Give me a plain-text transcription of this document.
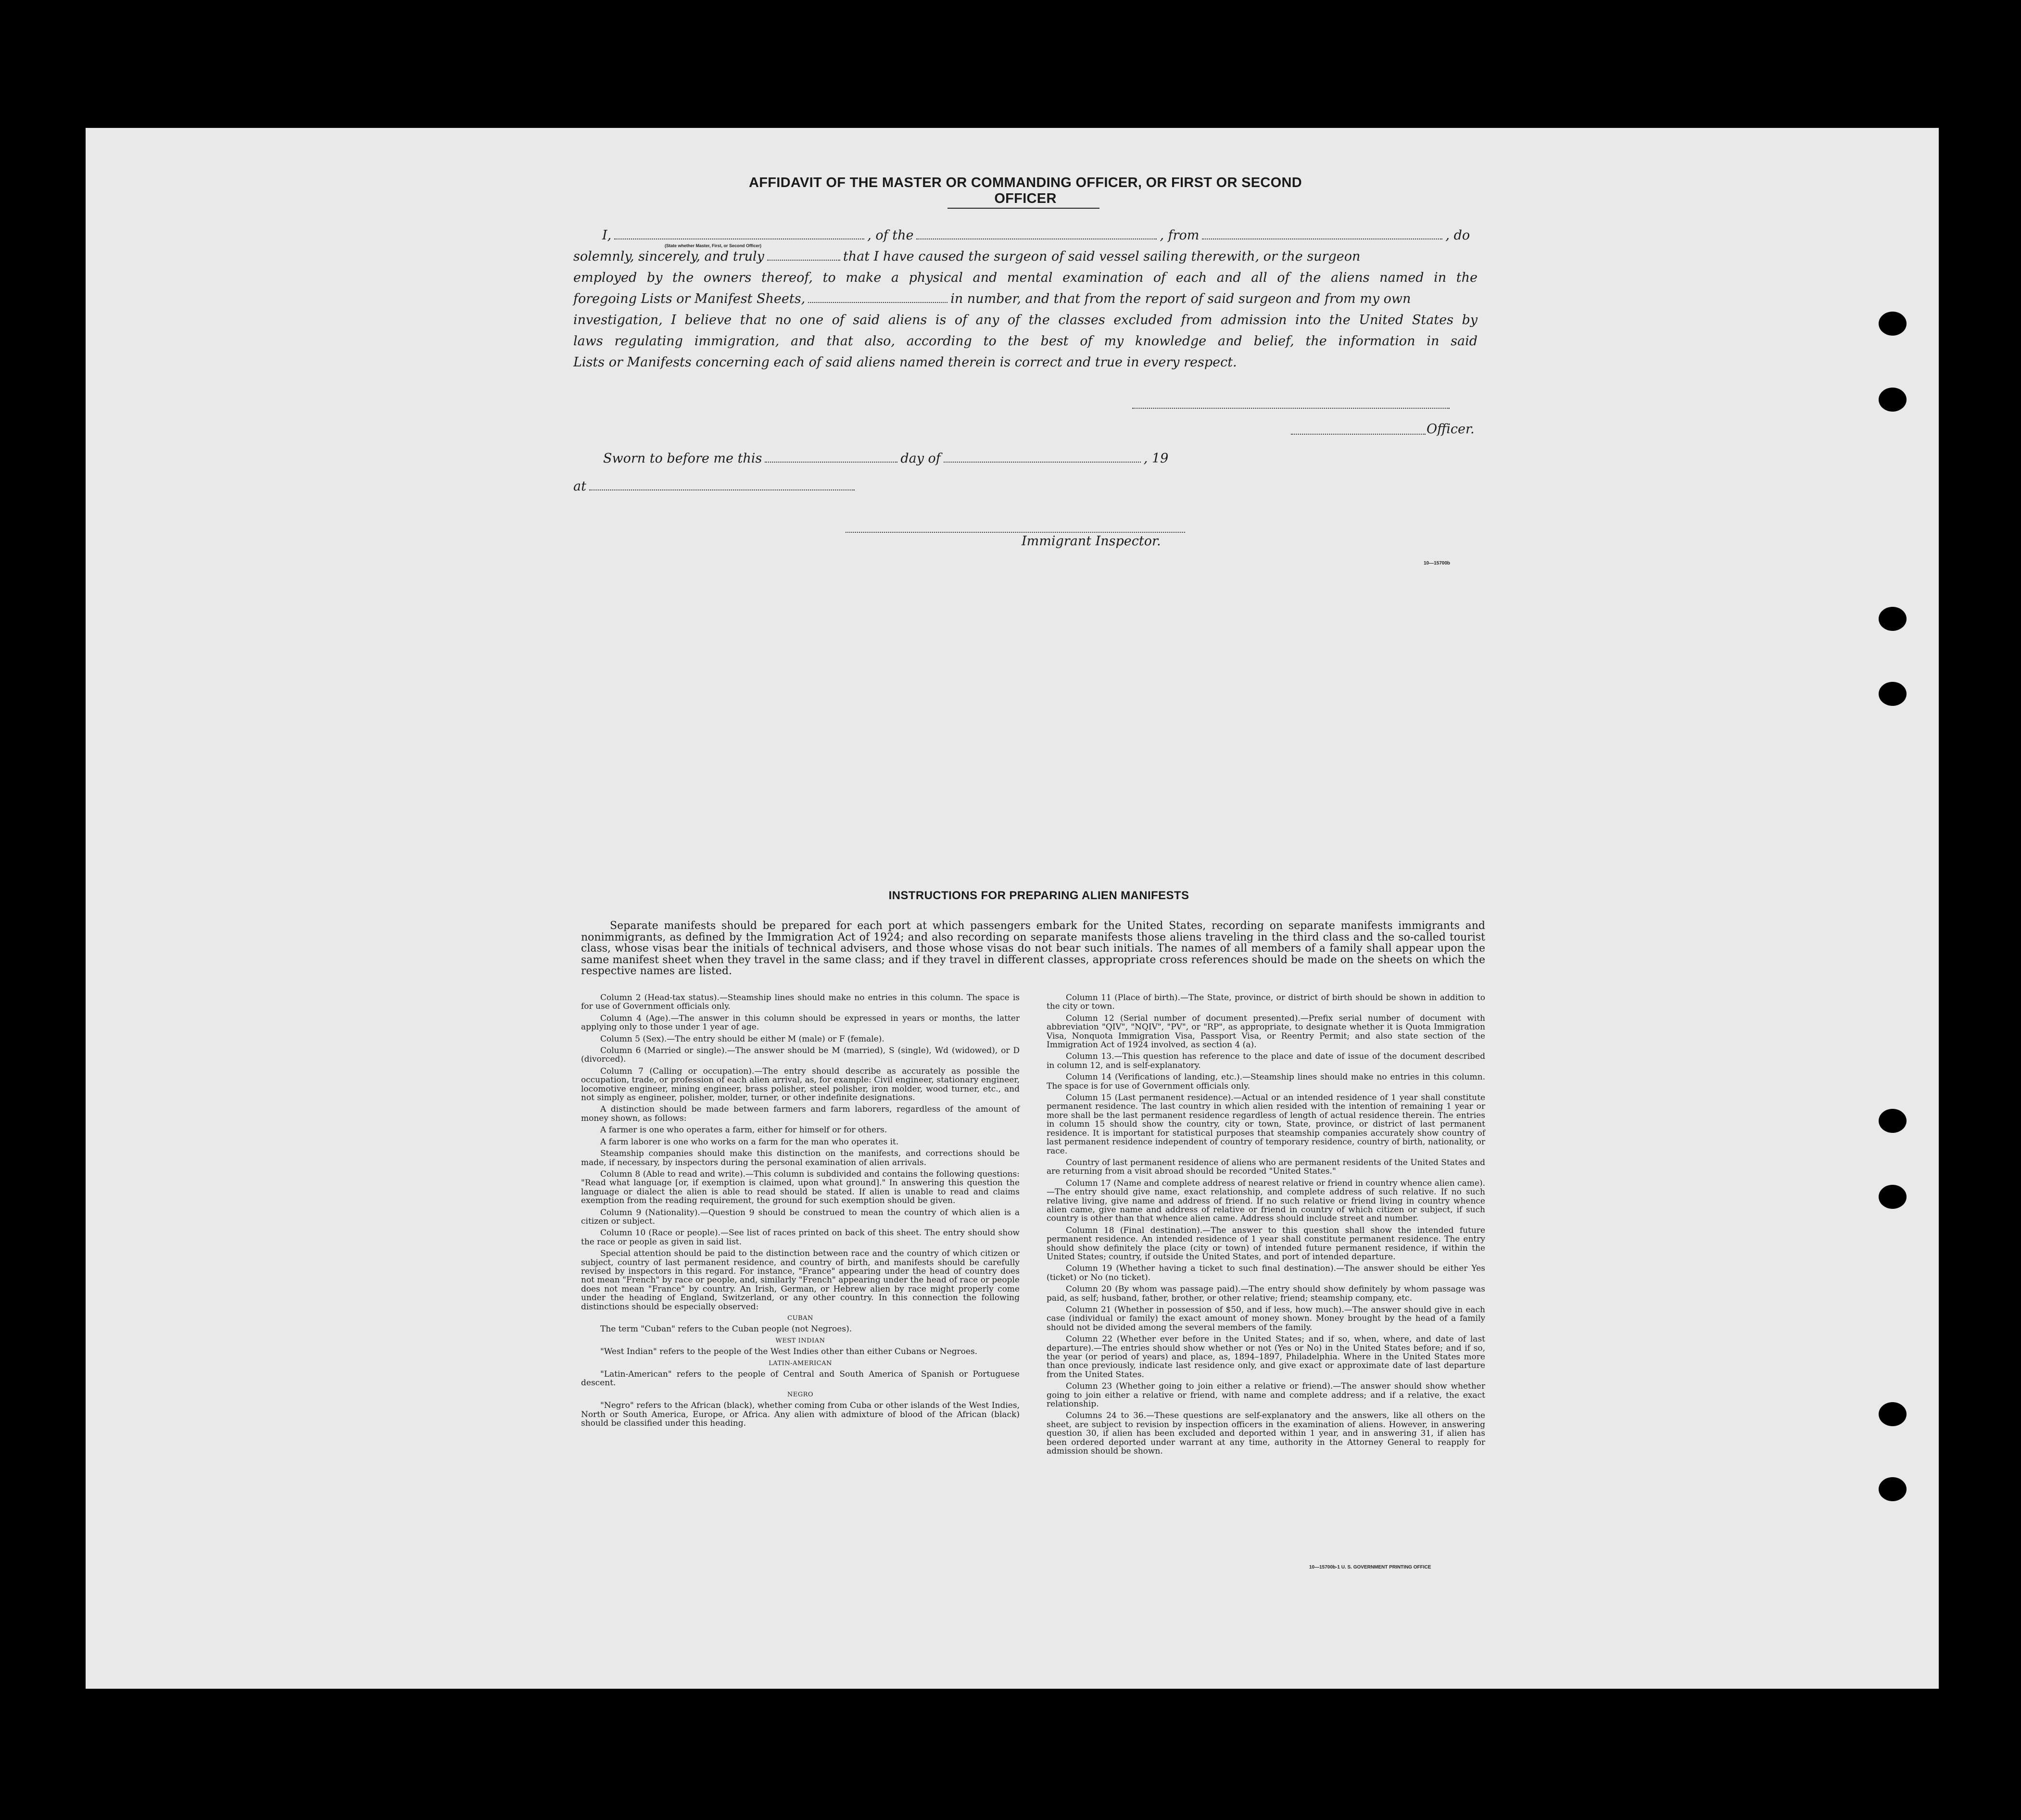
AFFIDAVIT OF THE MASTER OR COMMANDING OFFICER, OR FIRST OR SECOND OFFICER
I,	, of the	, from	, do
(State whether Master, First, or Second Officer)
solemnly, sincerely, and truly	that I have caused the surgeon of said vessel sailing therewith, or the surgeon
employed by the owners thereof, to make a physical and mental examination of each and all of the aliens named in the
foregoing Lists or Manifest Sheets,	in number, and that from the report of said surgeon and from my own
investigation, I believe that no one of said aliens is of any of the classes excluded from admission into the United States by
laws regulating immigration, and that also, according to the best of my knowledge and belief, the information in said
Lists or Manifests concerning each of said aliens named therein is correct and true in every respect.
Officer.
Sworn to before me this	day of	, 19
at
Immigrant Inspector.
10—15700b
INSTRUCTIONS FOR PREPARING ALIEN MANIFESTS
Separate manifests should be prepared for each port at which passengers embark for the United States, recording on separate manifests immigrants and nonimmigrants, as defined by the Immigration Act of 1924; and also recording on separate manifests those aliens traveling in the third class and the so-called tourist class, whose visas bear the initials of technical advisers, and those whose visas do not bear such initials. The names of all members of a family shall appear upon the same manifest sheet when they travel in the same class; and if they travel in different classes, appropriate cross references should be made on the sheets on which the respective names are listed.

Column 2 (Head-tax status).—Steamship lines should make no entries in this column. The space is for use of Government officials only.

Column 4 (Age).—The answer in this column should be expressed in years or months, the latter applying only to those under 1 year of age.

Column 5 (Sex).—The entry should be either M (male) or F (female).

Column 6 (Married or single).—The answer should be M (married), S (single), Wd (widowed), or D (divorced).

Column 7 (Calling or occupation).—The entry should describe as accurately as possible the occupation, trade, or profession of each alien arrival, as, for example: Civil engineer, stationary engineer, locomotive engineer, mining engineer, brass polisher, steel polisher, iron molder, wood turner, etc., and not simply as engineer, polisher, molder, turner, or other indefinite designations.

A distinction should be made between farmers and farm laborers, regardless of the amount of money shown, as follows:

A farmer is one who operates a farm, either for himself or for others.

A farm laborer is one who works on a farm for the man who operates it.

Steamship companies should make this distinction on the manifests, and corrections should be made, if necessary, by inspectors during the personal examination of alien arrivals.

Column 8 (Able to read and write).—This column is subdivided and contains the following questions: "Read what language [or, if exemption is claimed, upon what ground]." In answering this question the language or dialect the alien is able to read should be stated. If alien is unable to read and claims exemption from the reading requirement, the ground for such exemption should be given.

Column 9 (Nationality).—Question 9 should be construed to mean the country of which alien is a citizen or subject.

Column 10 (Race or people).—See list of races printed on back of this sheet. The entry should show the race or people as given in said list.

Special attention should be paid to the distinction between race and the country of which citizen or subject, country of last permanent residence, and country of birth, and manifests should be carefully revised by inspectors in this regard. For instance, "France" appearing under the head of country does not mean "French" by race or people, and, similarly "French" appearing under the head of race or people does not mean "France" by country. An Irish, German, or Hebrew alien by race might properly come under the heading of England, Switzerland, or any other country. In this connection the following distinctions should be especially observed:

CUBAN

The term "Cuban" refers to the Cuban people (not Negroes).

WEST INDIAN

"West Indian" refers to the people of the West Indies other than either Cubans or Negroes.

LATIN-AMERICAN

"Latin-American" refers to the people of Central and South America of Spanish or Portuguese descent.

NEGRO

"Negro" refers to the African (black), whether coming from Cuba or other islands of the West Indies, North or South America, Europe, or Africa. Any alien with admixture of blood of the African (black) should be classified under this heading.

Column 11 (Place of birth).—The State, province, or district of birth should be shown in addition to the city or town.

Column 12 (Serial number of document presented).—Prefix serial number of document with abbreviation "QIV", "NQIV", "PV", or "RP", as appropriate, to designate whether it is Quota Immigration Visa, Nonquota Immigration Visa, Passport Visa, or Reentry Permit; and also state section of the Immigration Act of 1924 involved, as section 4 (a).

Column 13.—This question has reference to the place and date of issue of the document described in column 12, and is self-explanatory.

Column 14 (Verifications of landing, etc.).—Steamship lines should make no entries in this column. The space is for use of Government officials only.

Column 15 (Last permanent residence).—Actual or an intended residence of 1 year shall constitute permanent residence. The last country in which alien resided with the intention of remaining 1 year or more shall be the last permanent residence regardless of length of actual residence therein. The entries in column 15 should show the country, city or town, State, province, or district of last permanent residence. It is important for statistical purposes that steamship companies accurately show country of last permanent residence independent of country of temporary residence, country of birth, nationality, or race.

Country of last permanent residence of aliens who are permanent residents of the United States and are returning from a visit abroad should be recorded "United States."

Column 17 (Name and complete address of nearest relative or friend in country whence alien came).—The entry should give name, exact relationship, and complete address of such relative. If no such relative living, give name and address of friend. If no such relative or friend living in country whence alien came, give name and address of relative or friend in country of which citizen or subject, if such country is other than that whence alien came. Address should include street and number.

Column 18 (Final destination).—The answer to this question shall show the intended future permanent residence. An intended residence of 1 year shall constitute permanent residence. The entry should show definitely the place (city or town) of intended future permanent residence, if within the United States; country, if outside the United States, and port of intended departure.

Column 19 (Whether having a ticket to such final destination).—The answer should be either Yes (ticket) or No (no ticket).

Column 20 (By whom was passage paid).—The entry should show definitely by whom passage was paid, as self; husband, father, brother, or other relative; friend; steamship company, etc.

Column 21 (Whether in possession of $50, and if less, how much).—The answer should give in each case (individual or family) the exact amount of money shown. Money brought by the head of a family should not be divided among the several members of the family.

Column 22 (Whether ever before in the United States; and if so, when, where, and date of last departure).—The entries should show whether or not (Yes or No) in the United States before; and if so, the year (or period of years) and place, as, 1894–1897, Philadelphia. Where in the United States more than once previously, indicate last residence only, and give exact or approximate date of last departure from the United States.

Column 23 (Whether going to join either a relative or friend).—The answer should show whether going to join either a relative or friend, with name and complete address; and if a relative, the exact relationship.

Columns 24 to 36.—These questions are self-explanatory and the answers, like all others on the sheet, are subject to revision by inspection officers in the examination of aliens. However, in answering question 30, if alien has been excluded and deported within 1 year, and in answering 31, if alien has been ordered deported under warrant at any time, authority in the Attorney General to reapply for admission should be shown.

10—15700b-1 U. S. GOVERNMENT PRINTING OFFICE
